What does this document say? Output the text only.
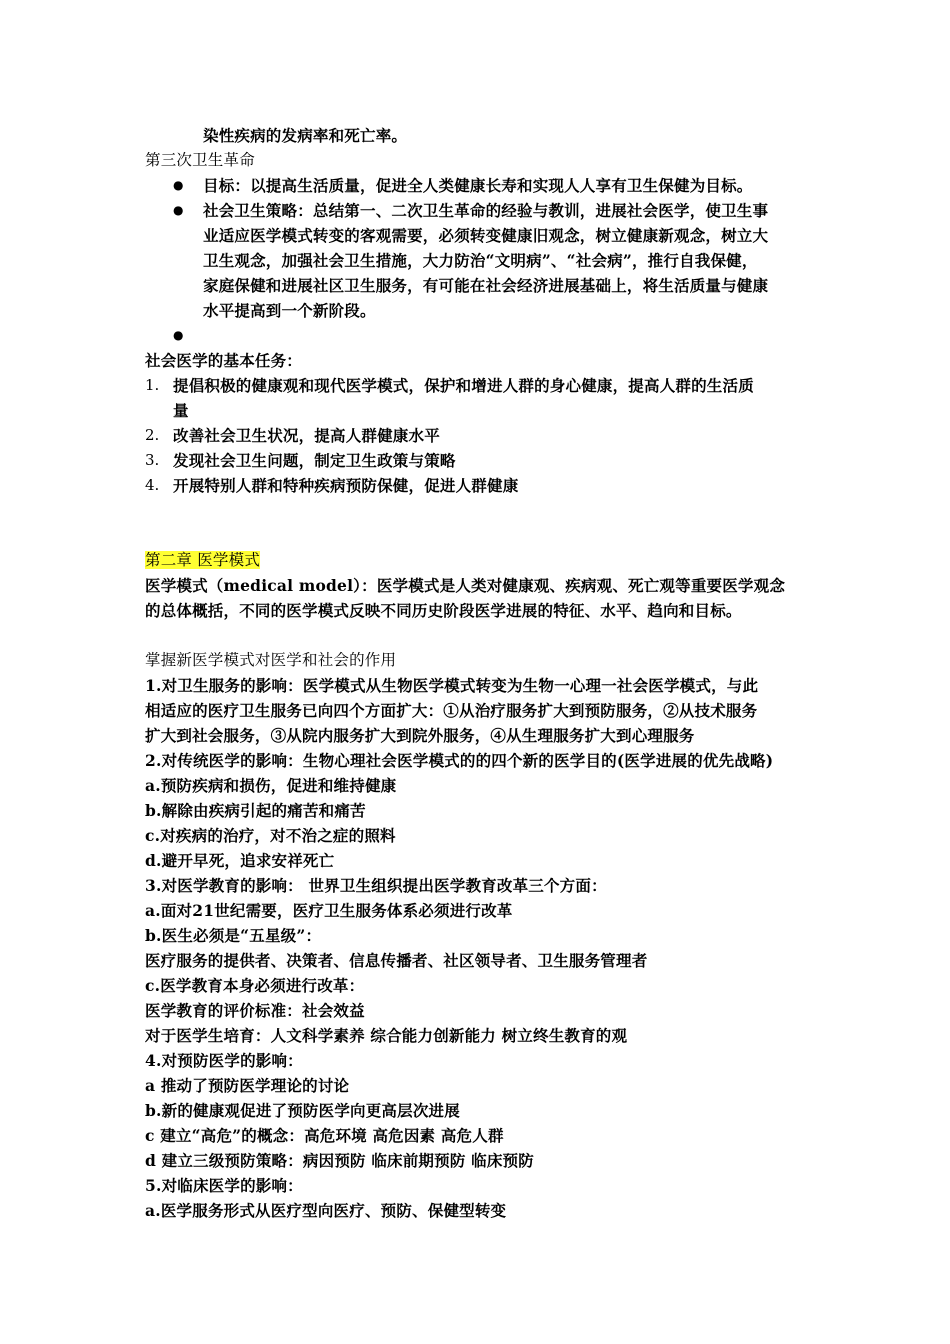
染性疾病的发病率和死亡率。
第三次卫生革命
● 目标：以提高生活质量，促进全人类健康长寿和实现人人享有卫生保健为目标。
● 社会卫生策略：总结第一、二次卫生革命的经验与教训，进展社会医学，使卫生事
业适应医学模式转变的客观需要，必须转变健康旧观念，树立健康新观念，树立大
卫生观念，加强社会卫生措施，大力防治“文明病”、“社会病”，推行自我保健，
家庭保健和进展社区卫生服务，有可能在社会经济进展基础上，将生活质量与健康
水平提高到一个新阶段。
●
社会医学的基本任务：
1. 提倡积极的健康观和现代医学模式，保护和增进人群的身心健康，提高人群的生活质
量
2. 改善社会卫生状况，提高人群健康水平
3. 发现社会卫生问题，制定卫生政策与策略
4. 开展特别人群和特种疾病预防保健，促进人群健康
第二章 医学模式
医学模式（medical model）：医学模式是人类对健康观、疾病观、死亡观等重要医学观念
的总体概括，不同的医学模式反映不同历史阶段医学进展的特征、水平、趋向和目标。
掌握新医学模式对医学和社会的作用
1.对卫生服务的影响：医学模式从生物医学模式转变为生物一心理一社会医学模式，与此
相适应的医疗卫生服务已向四个方面扩大：①从治疗服务扩大到预防服务，②从技术服务
扩大到社会服务，③从院内服务扩大到院外服务，④从生理服务扩大到心理服务
2.对传统医学的影响：生物心理社会医学模式的的四个新的医学目的(医学进展的优先战略)
a.预防疾病和损伤，促进和维持健康
b.解除由疾病引起的痛苦和痛苦
c.对疾病的治疗，对不治之症的照料
d.避开早死，追求安祥死亡
3.对医学教育的影响： 世界卫生组织提出医学教育改革三个方面：
a.面对21世纪需要，医疗卫生服务体系必须进行改革
b.医生必须是“五星级”：
医疗服务的提供者、决策者、信息传播者、社区领导者、卫生服务管理者
c.医学教育本身必须进行改革：
医学教育的评价标准：社会效益
对于医学生培育：人文科学素养 综合能力创新能力 树立终生教育的观
4.对预防医学的影响：
a 推动了预防医学理论的讨论
b.新的健康观促进了预防医学向更高层次进展
c 建立“高危”的概念：高危环境 高危因素 高危人群
d 建立三级预防策略：病因预防 临床前期预防 临床预防
5.对临床医学的影响：
a.医学服务形式从医疗型向医疗、预防、保健型转变
